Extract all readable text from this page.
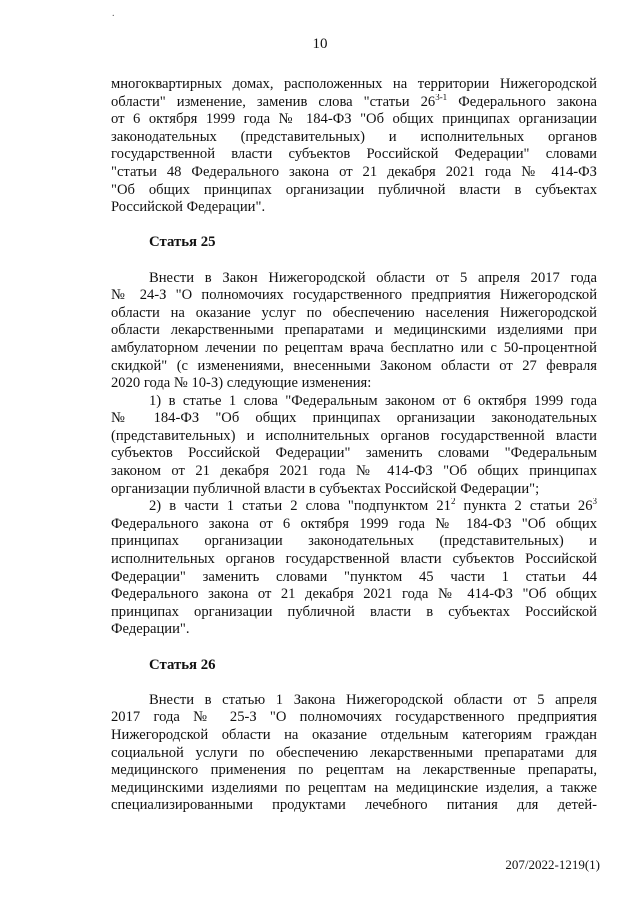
.
10
многоквартирных домах, расположенных на территории Нижегородской
области" изменение, заменив слова "статьи 26$^{3-1}$ Федерального закона
от 6 октября 1999 года № 184-ФЗ "Об общих принципах организации
законодательных (представительных) и исполнительных органов
государственной власти субъектов Российской Федерации" словами
"статьи 48 Федерального закона от 21 декабря 2021 года № 414-ФЗ
"Об общих принципах организации публичной власти в субъектах
Российской Федерации".
Статья 25
Внести в Закон Нижегородской области от 5 апреля 2017 года
№ 24-З "О полномочиях государственного предприятия Нижегородской
области на оказание услуг по обеспечению населения Нижегородской
области лекарственными препаратами и медицинскими изделиями при
амбулаторном лечении по рецептам врача бесплатно или с 50-процентной
скидкой" (с изменениями, внесенными Законом области от 27 февраля
2020 года № 10-З) следующие изменения:
1) в статье 1 слова "Федеральным законом от 6 октября 1999 года
№ 184-ФЗ "Об общих принципах организации законодательных
(представительных) и исполнительных органов государственной власти
субъектов Российской Федерации" заменить словами "Федеральным
законом от 21 декабря 2021 года № 414-ФЗ "Об общих принципах
организации публичной власти в субъектах Российской Федерации";
2) в части 1 статьи 2 слова "подпунктом $21^2$ пункта 2 статьи $26^3$
Федерального закона от 6 октября 1999 года № 184-ФЗ "Об общих
принципах организации законодательных (представительных) и
исполнительных органов государственной власти субъектов Российской
Федерации" заменить словами "пунктом 45 части 1 статьи 44
Федерального закона от 21 декабря 2021 года № 414-ФЗ "Об общих
принципах организации публичной власти в субъектах Российской
Федерации".
Статья 26
Внести в статью 1 Закона Нижегородской области от 5 апреля
2017 года № 25-З "О полномочиях государственного предприятия
Нижегородской области на оказание отдельным категориям граждан
социальной услуги по обеспечению лекарственными препаратами для
медицинского применения по рецептам на лекарственные препараты,
медицинскими изделиями по рецептам на медицинские изделия, а также
специализированными продуктами лечебного питания для детей-
207/2022-1219(1)
